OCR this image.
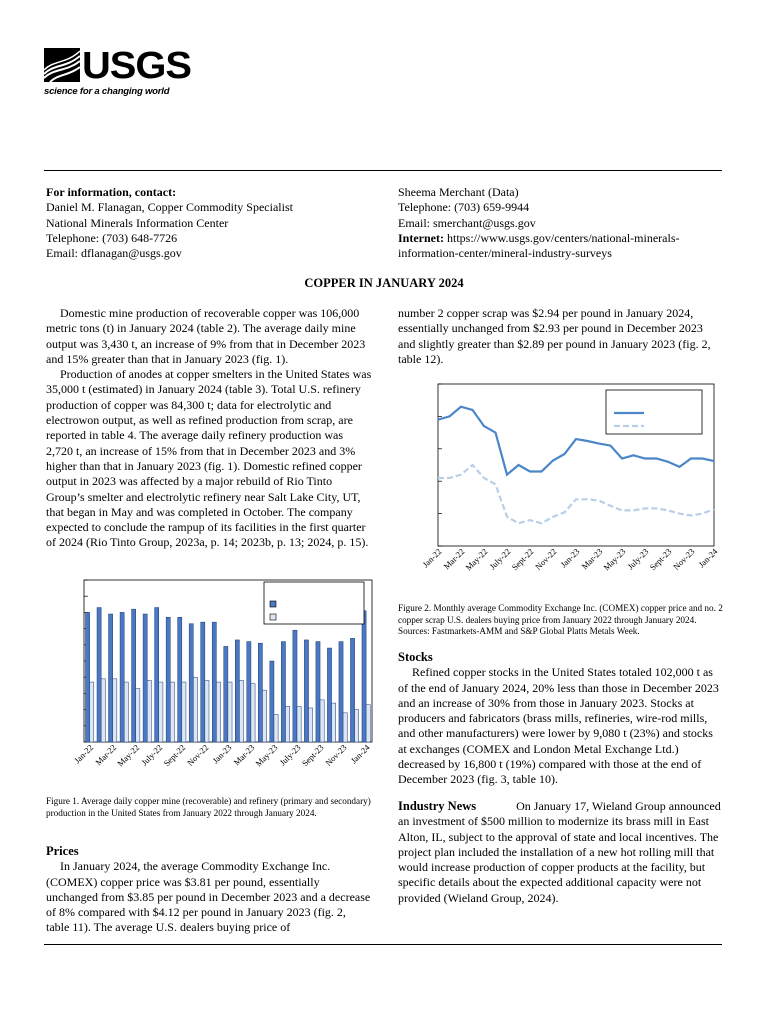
USGS
science for a changing world
For information, contact:
Daniel M. Flanagan, Copper Commodity Specialist
National Minerals Information Center
Telephone: (703) 648-7726
Email: dflanagan@usgs.gov
Sheema Merchant (Data)
Telephone: (703) 659-9944
Email: smerchant@usgs.gov
Internet: https://www.usgs.gov/centers/national-minerals-
information-center/mineral-industry-surveys
COPPER IN JANUARY 2024

Domestic mine production of recoverable copper was 106,000 metric tons (t) in January 2024 (table 2). The average daily mine output was 3,430 t, an increase of 9% from that in December 2023 and 15% greater than that in January 2023 (fig. 1).

Production of anodes at copper smelters in the United States was 35,000 t (estimated) in January 2024 (table 3). Total U.S. refinery production of copper was 84,300 t; data for electrolytic and electrowon output, as well as refined production from scrap, are reported in table 4. The average daily refinery production was 2,720 t, an increase of 15% from that in December 2023 and 3% higher than that in January 2023 (fig. 1). Domestic refined copper output in 2023 was affected by a major rebuild of Rio Tinto Group’s smelter and electrolytic refinery near Salt Lake City, UT, that began in May and was completed in October. The company expected to conclude the rampup of its facilities in the first quarter of 2024 (Rio Tinto Group, 2023a, p. 14; 2023b, p. 13; 2024, p. 15).

Jan-22
Mar-22
May-22
July-22
Sept-22
Nov-22 Jan-23
Mar-23
May-23
July-23
Sept-23
Nov-23 Jan-24
Figure 1. Average daily copper mine (recoverable) and refinery (primary and secondary) production in the United States from January 2022 through January 2024.
Prices

In January 2024, the average Commodity Exchange Inc. (COMEX) copper price was $3.81 per pound, essentially unchanged from $3.85 per pound in December 2023 and a decrease of 8% compared with $4.12 per pound in January 2023 (fig. 2, table 11). The average U.S. dealers buying price of

number 2 copper scrap was $2.94 per pound in January 2024, essentially unchanged from $2.93 per pound in December 2023 and slightly greater than $2.89 per pound in January 2023 (fig. 2, table 12).

Jan-22
Mar-22
May-22
July-22
Sept-22
Nov-22 Jan-23
Mar-23
May-23
July-23
Sept-23
Nov-23 Jan-24
Figure 2. Monthly average Commodity Exchange Inc. (COMEX) copper price and no. 2 copper scrap U.S. dealers buying price from January 2022 through January 2024. Sources: Fastmarkets-AMM and S&P Global Platts Metals Week.
Stocks

Refined copper stocks in the United States totaled 102,000 t as of the end of January 2024, 20% less than those in December 2023 and an increase of 30% from those in January 2023. Stocks at producers and fabricators (brass mills, refineries, wire-rod mills, and other manufacturers) were lower by 9,080 t (23%) and stocks at exchanges (COMEX and London Metal Exchange Ltd.) decreased by 16,800 t (19%) compared with those at the end of December 2023 (fig. 3, table 10).

Industry News	On January 17, Wieland Group announced

an investment of $500 million to modernize its brass mill in East Alton, IL, subject to the approval of state and local incentives. The project plan included the installation of a new hot rolling mill that would increase production of copper products at the facility, but specific details about the expected additional capacity were not provided (Wieland Group, 2024).
